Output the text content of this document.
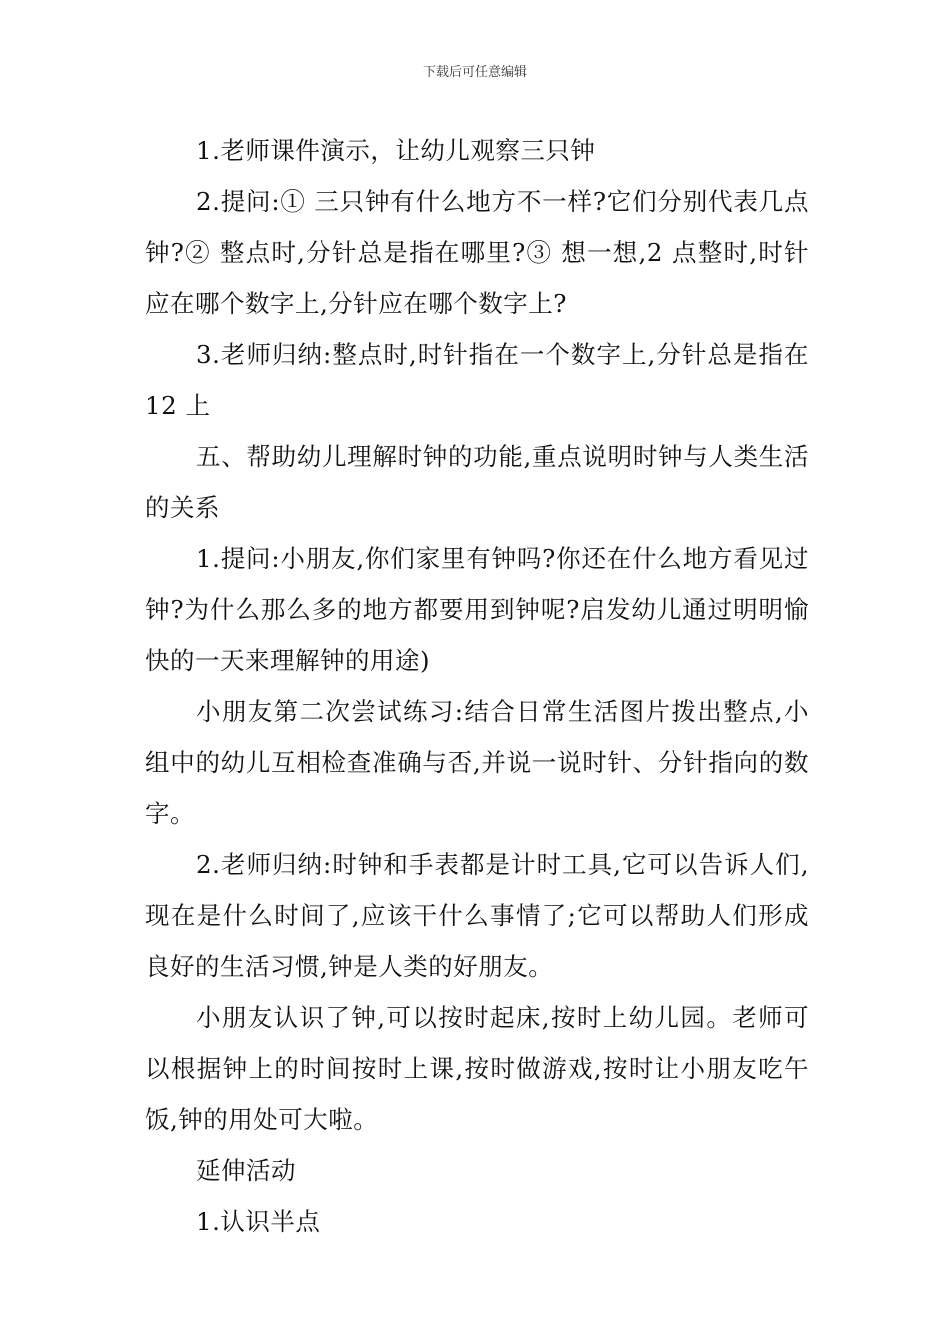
下载后可任意编辑

1.老师课件演示，让幼儿观察三只钟

2.提问:① 三只钟有什么地方不一样?它们分别代表几点钟?② 整点时,分针总是指在哪里?③ 想一想,2 点整时,时针应在哪个数字上,分针应在哪个数字上?

3.老师归纳:整点时,时针指在一个数字上,分针总是指在 12 上

五、帮助幼儿理解时钟的功能,重点说明时钟与人类生活的关系

1.提问:小朋友,你们家里有钟吗?你还在什么地方看见过钟?为什么那么多的地方都要用到钟呢?启发幼儿通过明明愉快的一天来理解钟的用途)

小朋友第二次尝试练习:结合日常生活图片拨出整点,小组中的幼儿互相检查准确与否,并说一说时针、分针指向的数字。

2.老师归纳:时钟和手表都是计时工具,它可以告诉人们,现在是什么时间了,应该干什么事情了;它可以帮助人们形成良好的生活习惯,钟是人类的好朋友。

小朋友认识了钟,可以按时起床,按时上幼儿园。老师可以根据钟上的时间按时上课,按时做游戏,按时让小朋友吃午饭,钟的用处可大啦。

延伸活动

1.认识半点
